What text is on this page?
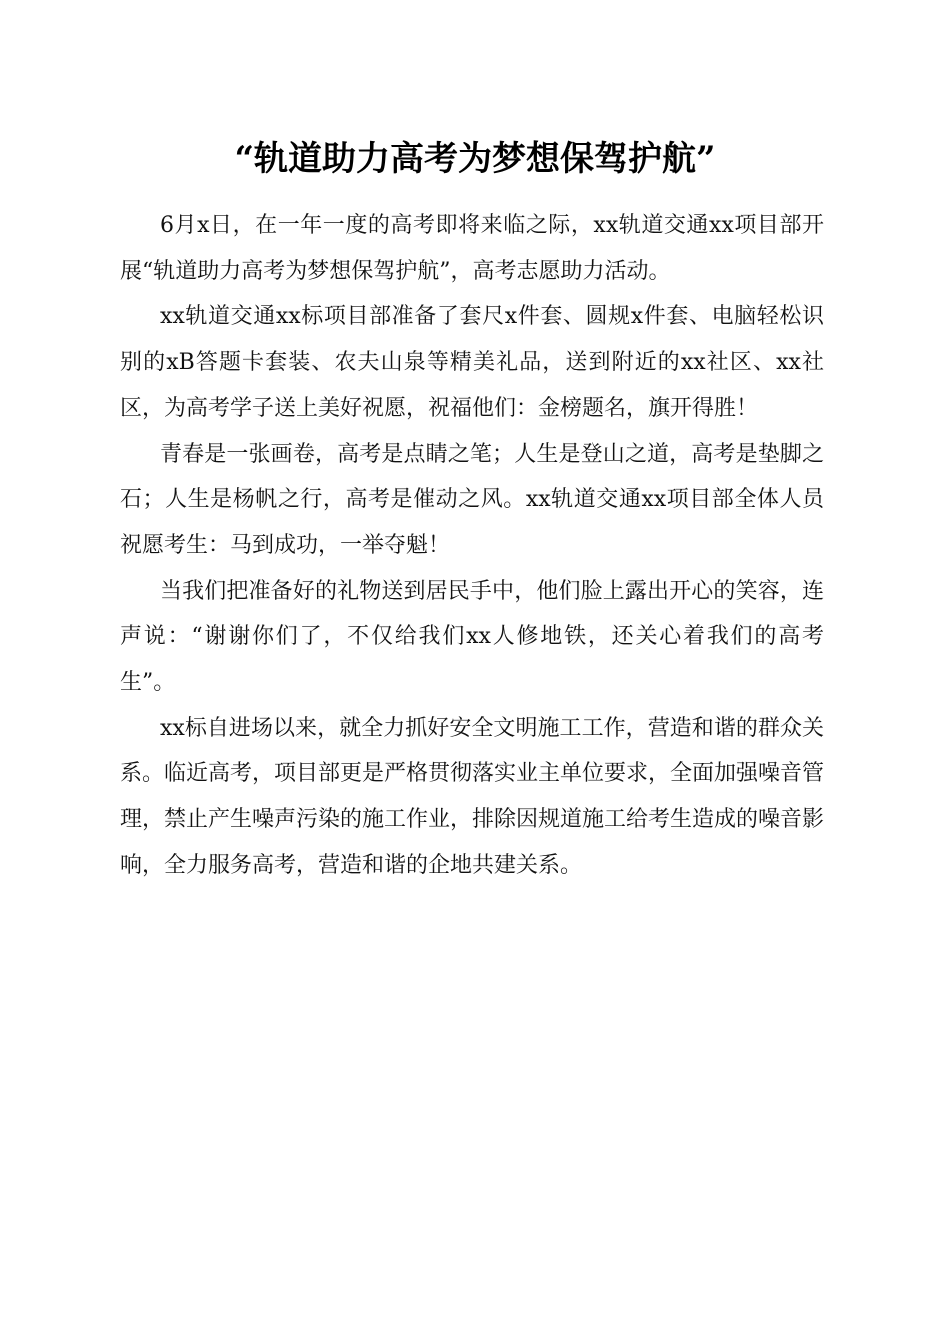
“轨道助力高考为梦想保驾护航”

6月x日，在一年一度的高考即将来临之际，xx轨道交通xx项目部开展“轨道助力高考为梦想保驾护航”，高考志愿助力活动。

xx轨道交通xx标项目部准备了套尺x件套、圆规x件套、电脑轻松识别的xB答题卡套装、农夫山泉等精美礼品，送到附近的xx社区、xx社区，为高考学子送上美好祝愿，祝福他们：金榜题名，旗开得胜！

青春是一张画卷，高考是点睛之笔；人生是登山之道，高考是垫脚之石；人生是杨帆之行，高考是催动之风。xx轨道交通xx项目部全体人员祝愿考生：马到成功，一举夺魁！

当我们把准备好的礼物送到居民手中，他们脸上露出开心的笑容，连声说：“谢谢你们了，不仅给我们xx人修地铁，还关心着我们的高考生”。

xx标自进场以来，就全力抓好安全文明施工工作，营造和谐的群众关系。临近高考，项目部更是严格贯彻落实业主单位要求，全面加强噪音管理，禁止产生噪声污染的施工作业，排除因规道施工给考生造成的噪音影响，全力服务高考，营造和谐的企地共建关系。
